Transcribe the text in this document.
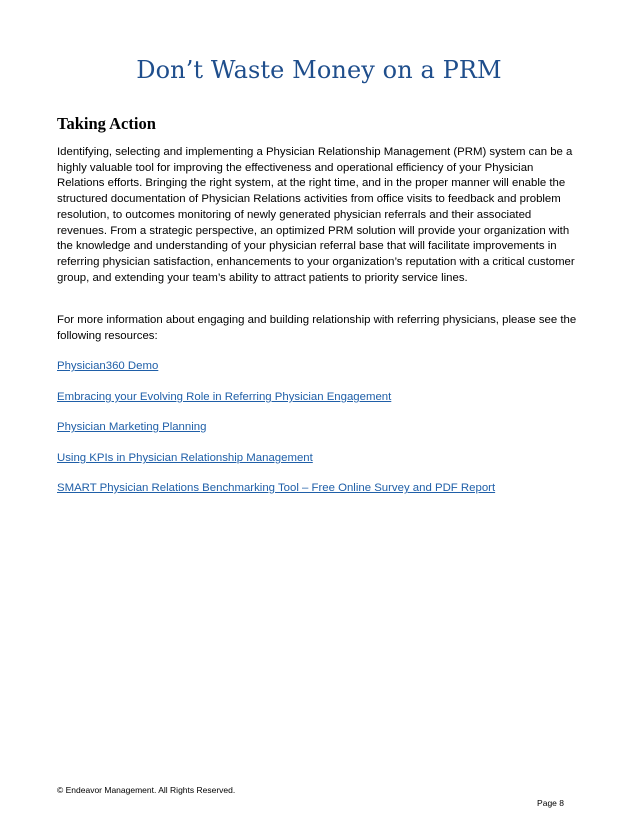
Don’t Waste Money on a PRM
Taking Action

Identifying, selecting and implementing a Physician Relationship Management (PRM) system can be a highly valuable tool for improving the effectiveness and operational efficiency of your Physician Relations efforts. Bringing the right system, at the right time, and in the proper manner will enable the structured documentation of Physician Relations activities from office visits to feedback and problem resolution, to outcomes monitoring of newly generated physician referrals and their associated revenues. From a strategic perspective, an optimized PRM solution will provide your organization with the knowledge and understanding of your physician referral base that will facilitate improvements in referring physician satisfaction, enhancements to your organization’s reputation with a critical customer group, and extending your team’s ability to attract patients to priority service lines.

For more information about engaging and building relationship with referring physicians, please see the following resources:

Physician360 Demo
Embracing your Evolving Role in Referring Physician Engagement
Physician Marketing Planning
Using KPIs in Physician Relationship Management
SMART Physician Relations Benchmarking Tool – Free Online Survey and PDF Report
© Endeavor Management. All Rights Reserved.
Page 8
